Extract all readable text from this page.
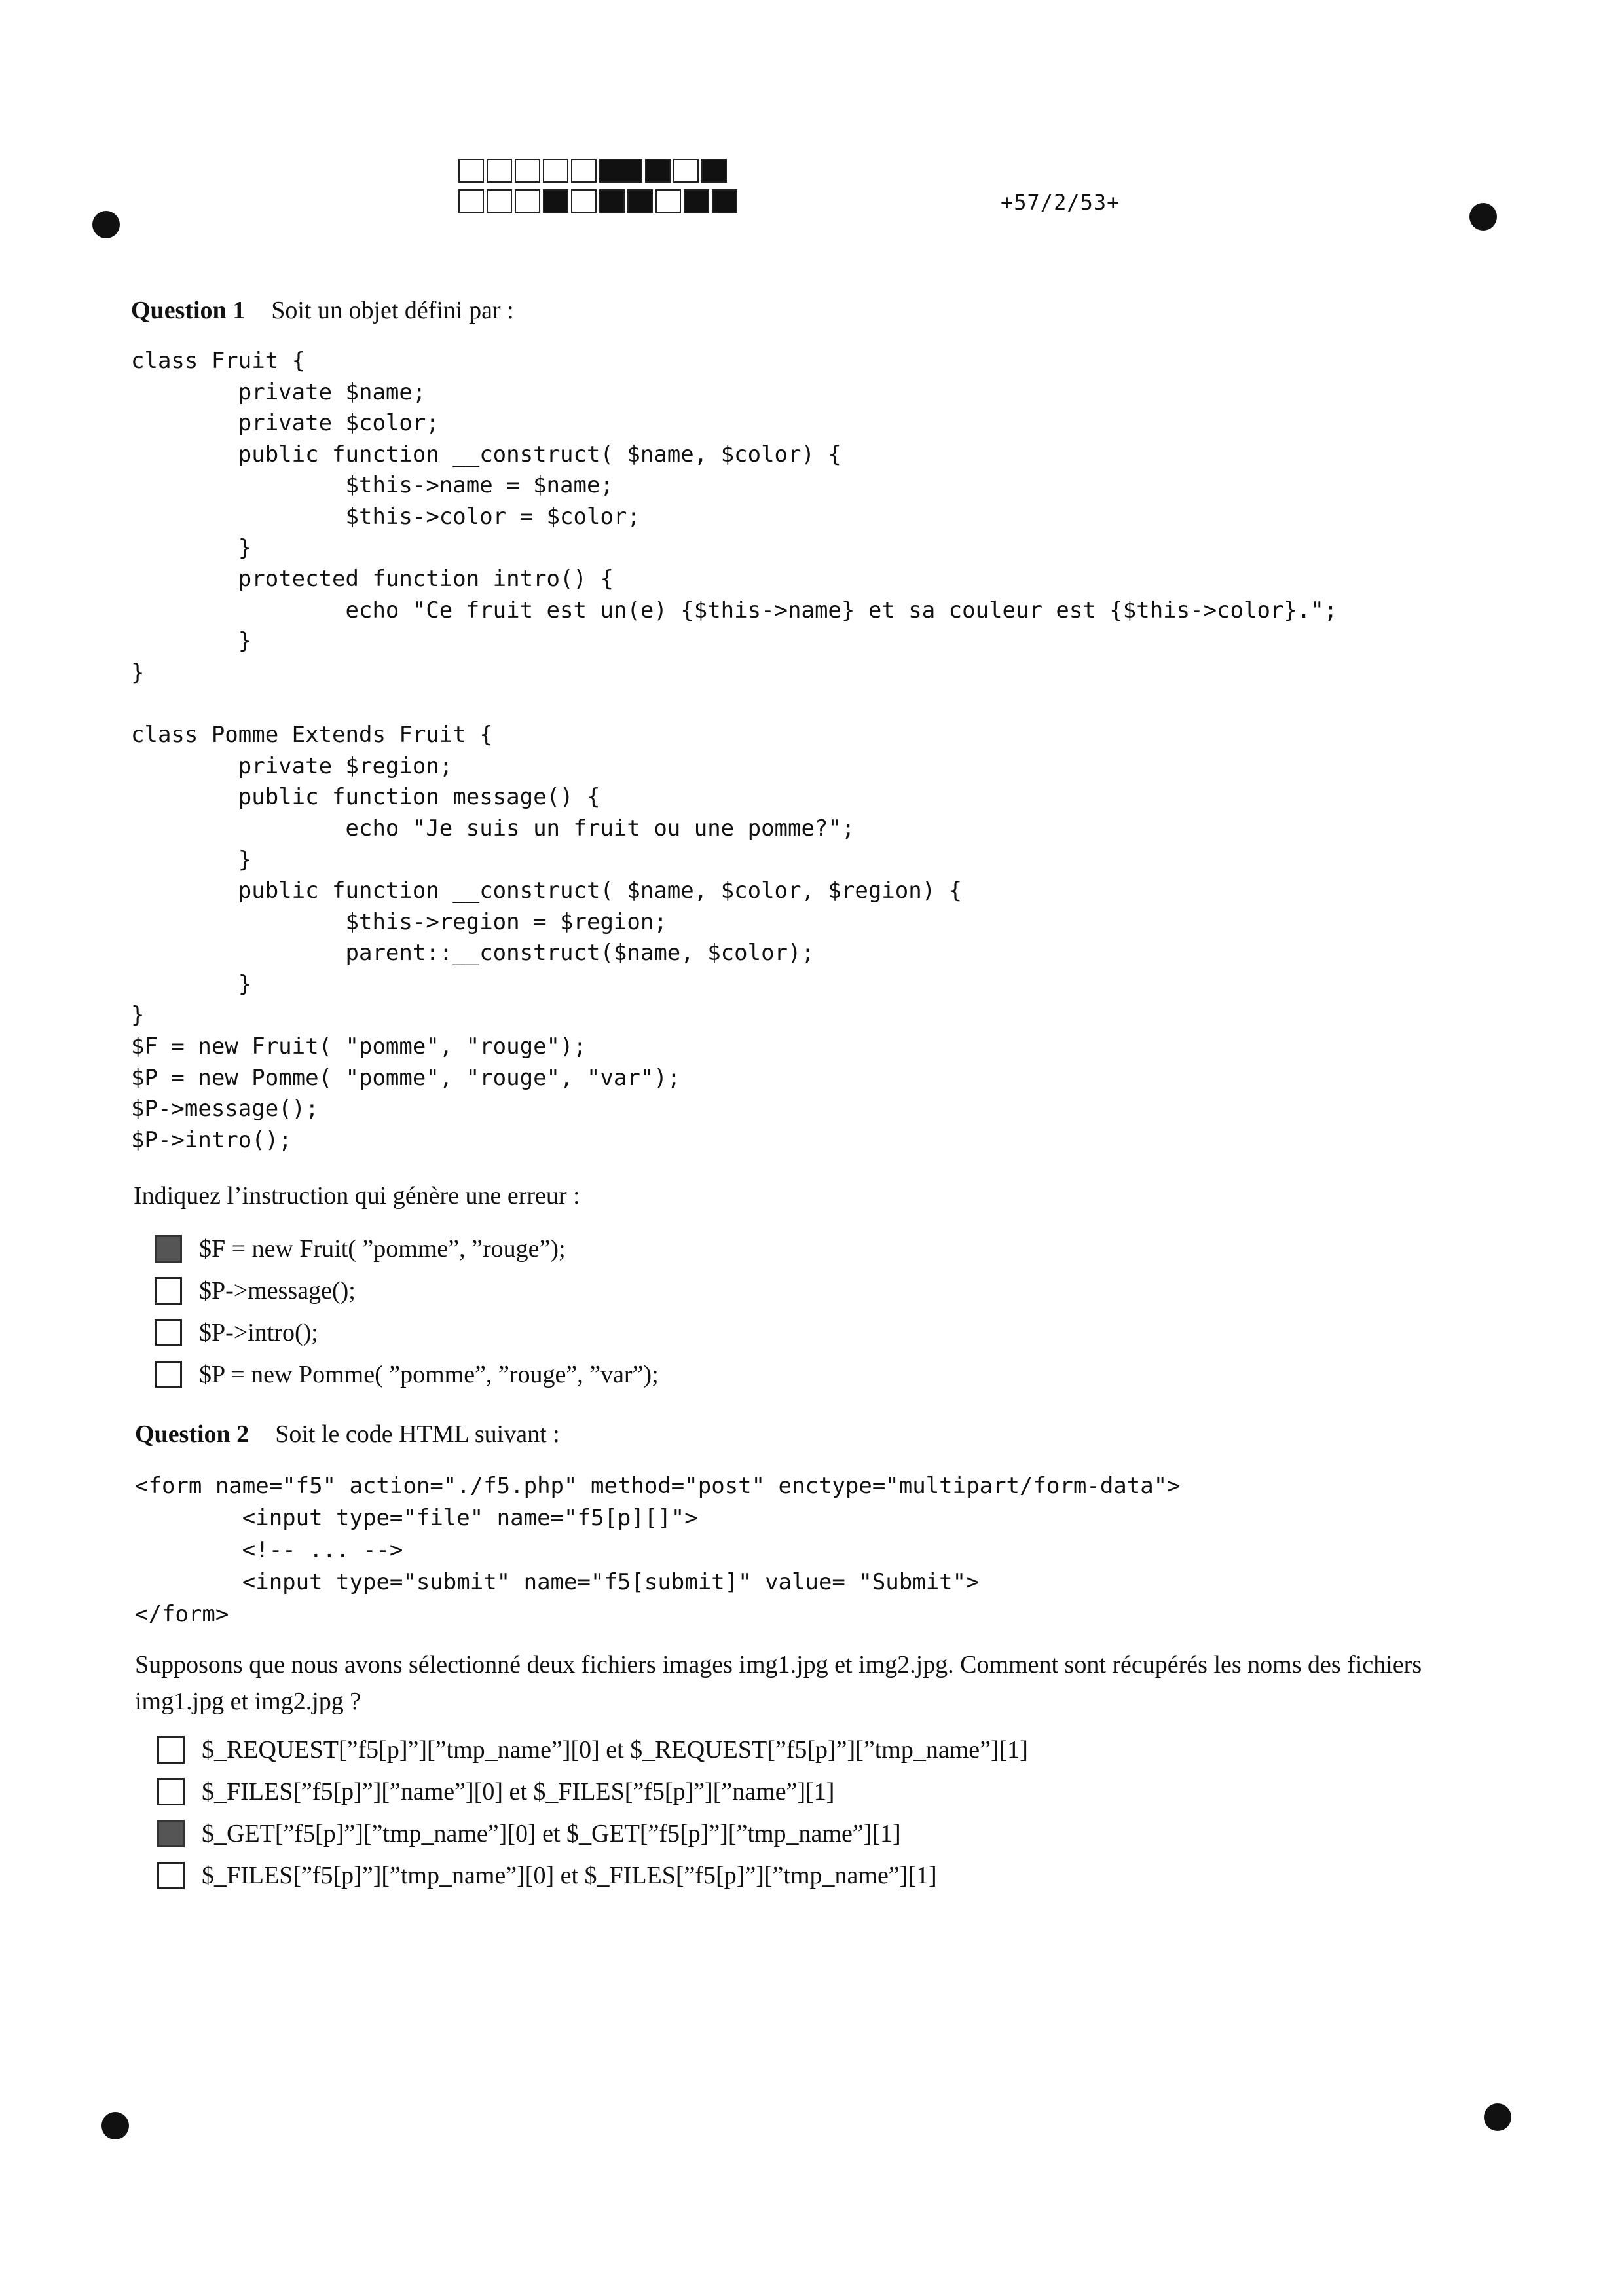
+57/2/53+
Question 1 Soit un objet défini par :
class Fruit {
private $name;
private $color;
public function __construct( $name, $color) {
$this->name = $name;
$this->color = $color;
}
protected function intro() {
echo "Ce fruit est un(e) {$this->name} et sa couleur est {$this->color}.";
}
}

class Pomme Extends Fruit {
private $region;
public function message() {
echo "Je suis un fruit ou une pomme?";
}
public function __construct( $name, $color, $region) {
$this->region = $region;
parent::__construct($name, $color);
}
}
$F = new Fruit( "pomme", "rouge");
$P = new Pomme( "pomme", "rouge", "var");
$P->message();
$P->intro();
Indiquez l’instruction qui génère une erreur :
$F = new Fruit( ”pomme”, ”rouge”);
$P->message();
$P->intro();
$P = new Pomme( ”pomme”, ”rouge”, ”var”);
Question 2 Soit le code HTML suivant :
<form name="f5" action="./f5.php" method="post" enctype="multipart/form-data">
<input type="file" name="f5[p][]">
<!-- ... -->
<input type="submit" name="f5[submit]" value= "Submit">
</form>
Supposons que nous avons sélectionné deux fichiers images img1.jpg et img2.jpg. Comment sont récupérés les noms des fichiers img1.jpg et img2.jpg ?
$_REQUEST[”f5[p]”][”tmp_name”][0] et $_REQUEST[”f5[p]”][”tmp_name”][1]
$_FILES[”f5[p]”][”name”][0] et $_FILES[”f5[p]”][”name”][1]
$_GET[”f5[p]”][”tmp_name”][0] et $_GET[”f5[p]”][”tmp_name”][1]
$_FILES[”f5[p]”][”tmp_name”][0] et $_FILES[”f5[p]”][”tmp_name”][1]
